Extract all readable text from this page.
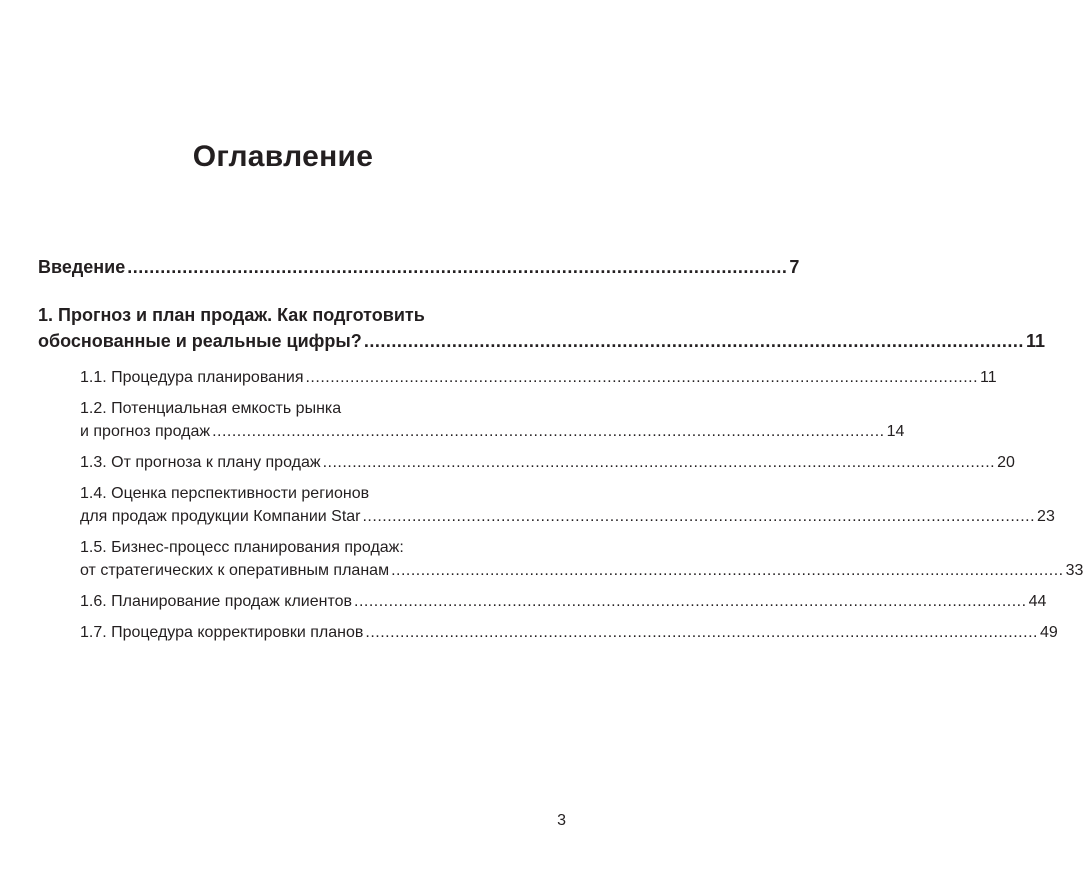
Оглавление
Введение ........................................................................................................................ 7
1. Прогноз и план продаж. Как подготовить
обоснованные и реальные цифры? ........................................................................................................................ 11
1.1. Процедура планирования ........................................................................................................................................ 11
1.2. Потенциальная емкость рынка
и прогноз продаж ........................................................................................................................................ 14
1.3. От прогноза к плану продаж ........................................................................................................................................ 20
1.4. Оценка перспективности регионов
для продаж продукции Компании Star ........................................................................................................................................ 23
1.5. Бизнес-процесс планирования продаж:
от стратегических к оперативным планам ........................................................................................................................................ 33
1.6. Планирование продаж клиентов ........................................................................................................................................ 44
1.7. Процедура корректировки планов ........................................................................................................................................ 49
3
